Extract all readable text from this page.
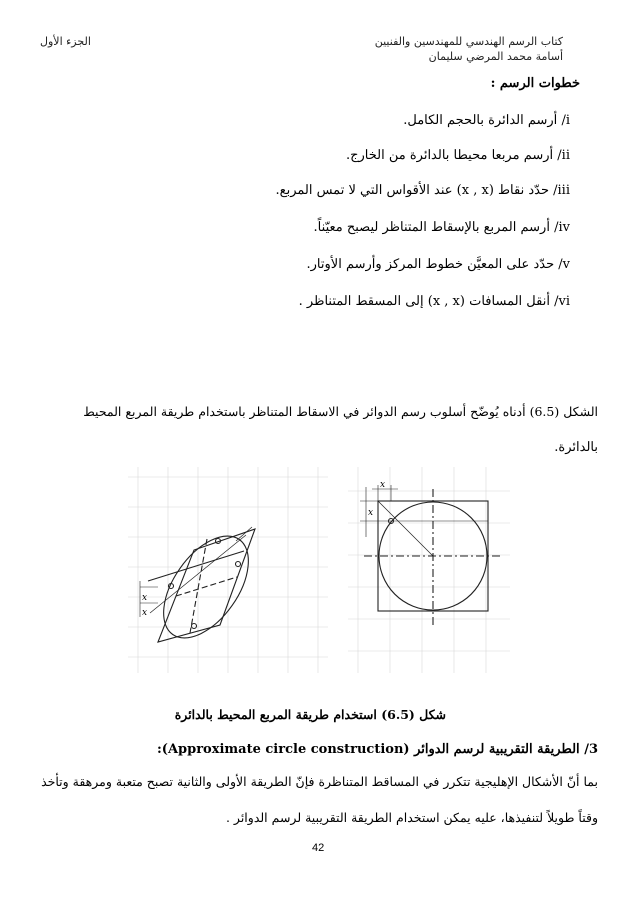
كتاب الرسم الهندسي للمهندسين والفنيين
الجزء الأول
أسامة محمد المرضي سليمان
خطوات الرسم :
i/ أرسم الدائرة بالحجم الكامل.
ii/ أرسم مربعا محيطا بالدائرة من الخارج.
iii/ حدّد نقاط (x , x) عند الأقواس التي لا تمس المربع.
iv/ أرسم المربع بالإسقاط المتناظر ليصبح معيّناً.
v/ حدّد على المعيَّن خطوط المركز وأرسم الأوتار.
vi/ أنقل المسافات (x , x) إلى المسقط المتناظر .
الشكل (6.5) أدناه يُوضّح أسلوب رسم الدوائر في الاسقاط المتناظر باستخدام طريقة المربع المحيط
بالدائرة.
x
x
x
x
شكل (6.5) استخدام طريقة المربع المحيط بالدائرة
3/ الطريقة التقريبية لرسم الدوائر (Approximate circle construction):
بما أنّ الأشكال الإهليجية تتكرر في المساقط المتناظرة فإنّ الطريقة الأولى والثانية تصبح متعبة ومرهقة وتأخذ
وقتاً طويلاً لتنفيذها، عليه يمكن استخدام الطريقة التقريبية لرسم الدوائر .
42
